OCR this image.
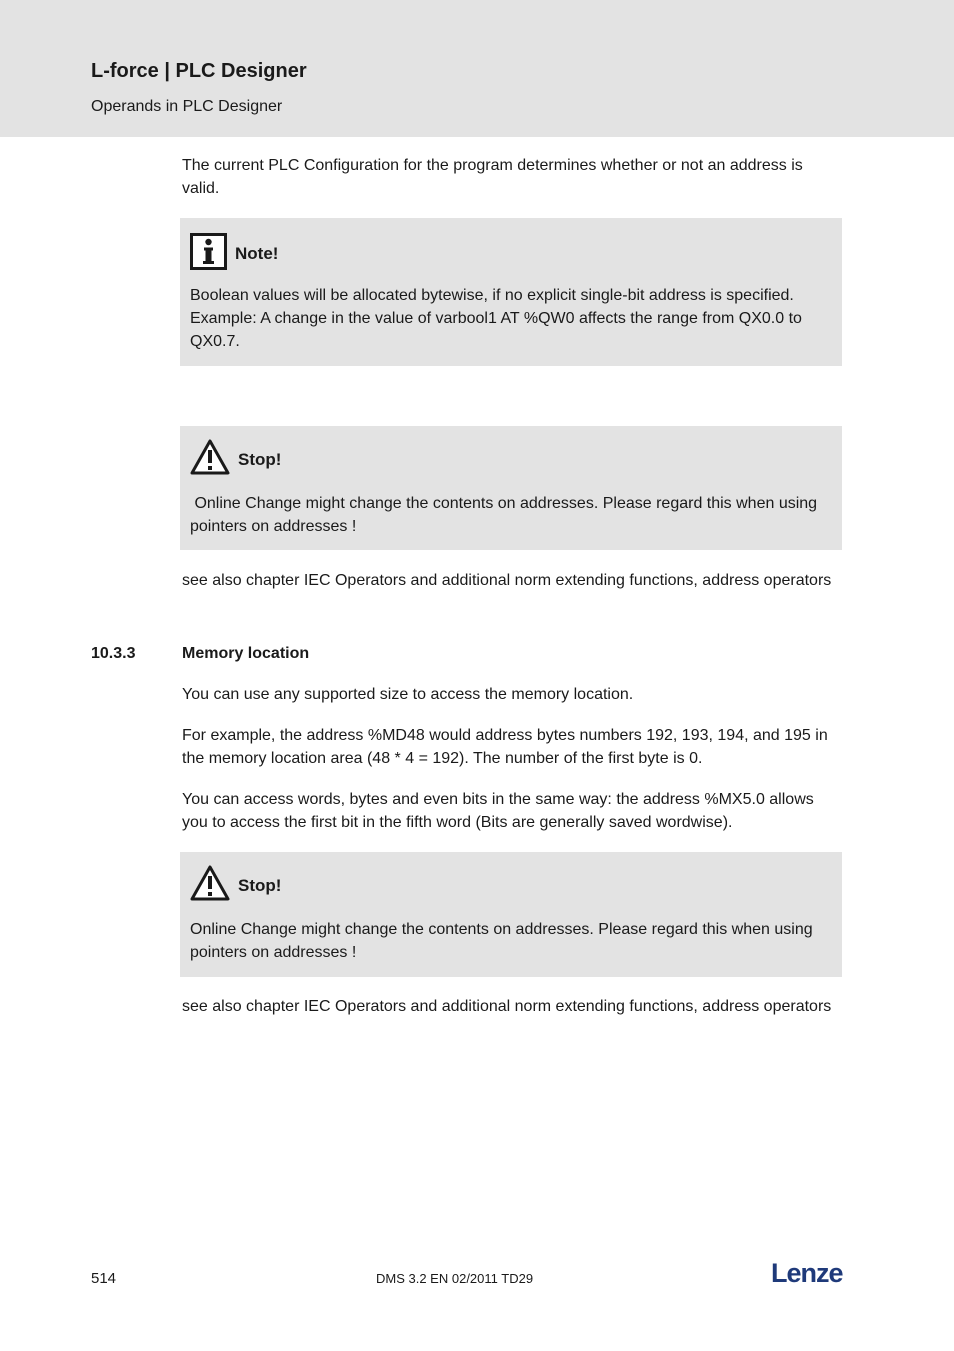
L-force | PLC Designer
Operands in PLC Designer

The current PLC Configuration for the program determines whether or not an address is valid.

Note!

Boolean values will be allocated bytewise, if no explicit single-bit address is specified. Example: A change in the value of varbool1 AT %QW0 affects the range from QX0.0 to QX0.7.

Stop!

Online Change might change the contents on addresses. Please regard this when using pointers on addresses !

see also chapter IEC Operators and additional norm extending functions, address operators

10.3.3	Memory location

You can use any supported size to access the memory location.

For example, the address %MD48 would address bytes numbers 192, 193, 194, and 195 in the memory location area (48 * 4 = 192). The number of the first byte is 0.

You can access words, bytes and even bits in the same way: the address %MX5.0 allows you to access the first bit in the fifth word (Bits are generally saved wordwise).

Stop!

Online Change might change the contents on addresses. Please regard this when using pointers on addresses !

see also chapter IEC Operators and additional norm extending functions, address operators

514	DMS 3.2 EN 02/2011 TD29	Lenze
